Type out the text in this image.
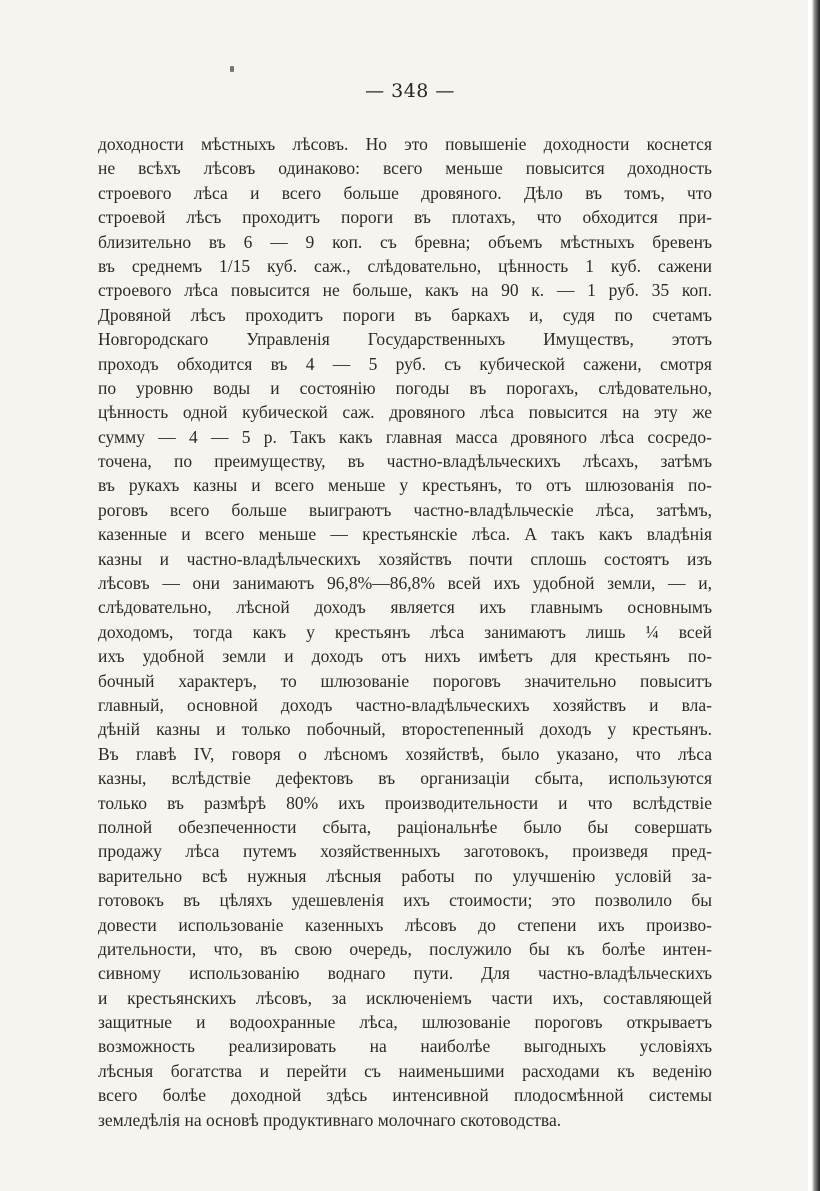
— 348 —
доходности мѣстныхъ лѣсовъ. Но это повышеніе доходности коснется
не всѣхъ лѣсовъ одинаково: всего меньше повысится доходность
строевого лѣса и всего больше дровяного. Дѣло въ томъ, что
строевой лѣсъ проходитъ пороги въ плотахъ, что обходится при-
близительно въ 6 — 9 коп. съ бревна; объемъ мѣстныхъ бревенъ
въ среднемъ 1/15 куб. саж., слѣдовательно, цѣнность 1 куб. сажени
строевого лѣса повысится не больше, какъ на 90 к. — 1 руб. 35 коп.
Дровяной лѣсъ проходитъ пороги въ баркахъ и, судя по счетамъ
Новгородскаго Управленія Государственныхъ Имуществъ, этотъ
проходъ обходится въ 4 — 5 руб. съ кубической сажени, смотря
по уровню воды и состоянію погоды въ порогахъ, слѣдовательно,
цѣнность одной кубической саж. дровяного лѣса повысится на эту же
сумму — 4 — 5 р. Такъ какъ главная масса дровяного лѣса сосредо-
точена, по преимуществу, въ частно-владѣльческихъ лѣсахъ, затѣмъ
въ рукахъ казны и всего меньше у крестьянъ, то отъ шлюзованія по-
роговъ всего больше выиграютъ частно-владѣльческіе лѣса, затѣмъ,
казенные и всего меньше — крестьянскіе лѣса. А такъ какъ владѣнія
казны и частно-владѣльческихъ хозяйствъ почти сплошь состоятъ изъ
лѣсовъ — они занимаютъ 96,8%—86,8% всей ихъ удобной земли, — и,
слѣдовательно, лѣсной доходъ является ихъ главнымъ основнымъ
доходомъ, тогда какъ у крестьянъ лѣса занимаютъ лишь ¼ всей
ихъ удобной земли и доходъ отъ нихъ имѣетъ для крестьянъ по-
бочный характеръ, то шлюзованіе пороговъ значительно повыситъ
главный, основной доходъ частно-владѣльческихъ хозяйствъ и вла-
дѣній казны и только побочный, второстепенный доходъ у крестьянъ.
Въ главѣ IV, говоря о лѣсномъ хозяйствѣ, было указано, что лѣса
казны, вслѣдствіе дефектовъ въ организаціи сбыта, используются
только въ размѣрѣ 80% ихъ производительности и что вслѣдствіе
полной обезпеченности сбыта, раціональнѣе было бы совершать
продажу лѣса путемъ хозяйственныхъ заготовокъ, произведя пред-
варительно всѣ нужныя лѣсныя работы по улучшенію условій за-
готовокъ въ цѣляхъ удешевленія ихъ стоимости; это позволило бы
довести использованіе казенныхъ лѣсовъ до степени ихъ произво-
дительности, что, въ свою очередь, послужило бы къ болѣе интен-
сивному использованію воднаго пути. Для частно-владѣльческихъ
и крестьянскихъ лѣсовъ, за исключеніемъ части ихъ, составляющей
защитные и водоохранные лѣса, шлюзованіе пороговъ открываетъ
возможность реализировать на наиболѣе выгодныхъ условіяхъ
лѣсныя богатства и перейти съ наименьшими расходами къ веденію
всего болѣе доходной здѣсь интенсивной плодосмѣнной системы
земледѣлія на основѣ продуктивнаго молочнаго скотоводства.
